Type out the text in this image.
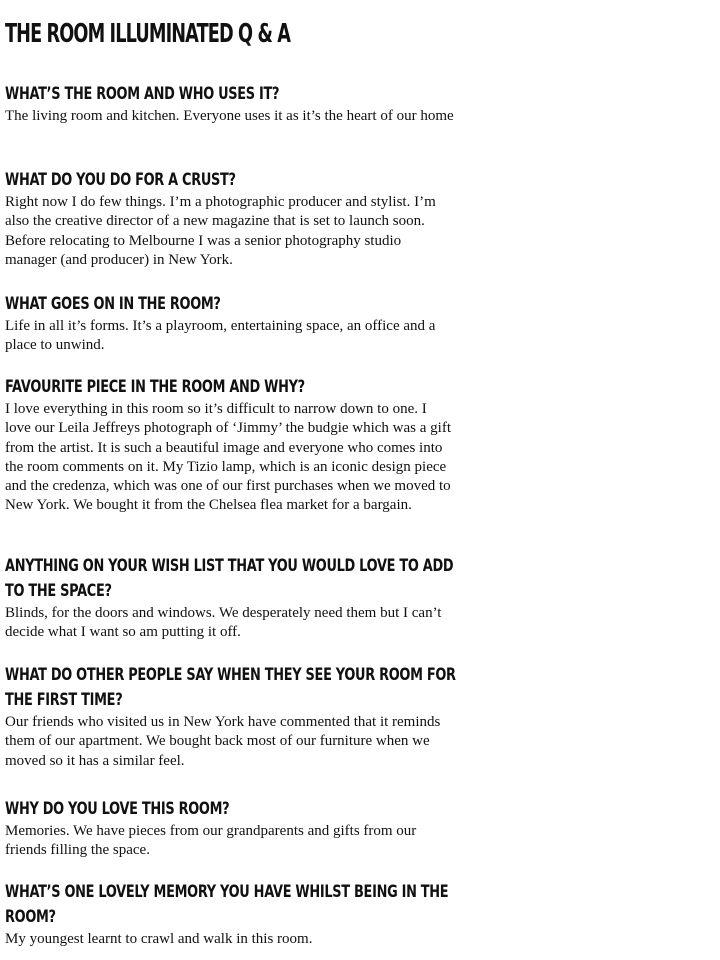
THE ROOM ILLUMINATED Q & A
WHAT’S THE ROOM AND WHO USES IT?

The living room and kitchen. Everyone uses it as it’s the heart of our home

WHAT DO YOU DO FOR A CRUST?

Right now I do few things. I’m a photographic producer and stylist. I’m also the creative director of a new magazine that is set to launch soon. Before relocating to Melbourne I was a senior photography studio manager (and producer) in New York.

WHAT GOES ON IN THE ROOM?

Life in all it’s forms. It’s a playroom, entertaining space, an office and a place to unwind.

FAVOURITE PIECE IN THE ROOM AND WHY?

I love everything in this room so it’s difficult to narrow down to one. I love our Leila Jeffreys photograph of ‘Jimmy’ the budgie which was a gift from the artist. It is such a beautiful image and everyone who comes into the room comments on it. My Tizio lamp, which is an iconic design piece and the credenza, which was one of our first purchases when we moved to New York. We bought it from the Chelsea flea market for a bargain.

ANYTHING ON YOUR WISH LIST THAT YOU WOULD LOVE TO ADD TO THE SPACE?

Blinds, for the doors and windows. We desperately need them but I can’t decide what I want so am putting it off.

WHAT DO OTHER PEOPLE SAY WHEN THEY SEE YOUR ROOM FOR THE FIRST TIME?

Our friends who visited us in New York have commented that it reminds them of our apartment. We bought back most of our furniture when we moved so it has a similar feel.

WHY DO YOU LOVE THIS ROOM?

Memories. We have pieces from our grandparents and gifts from our friends filling the space.

WHAT’S ONE LOVELY MEMORY YOU HAVE WHILST BEING IN THE ROOM?

My youngest learnt to crawl and walk in this room.
